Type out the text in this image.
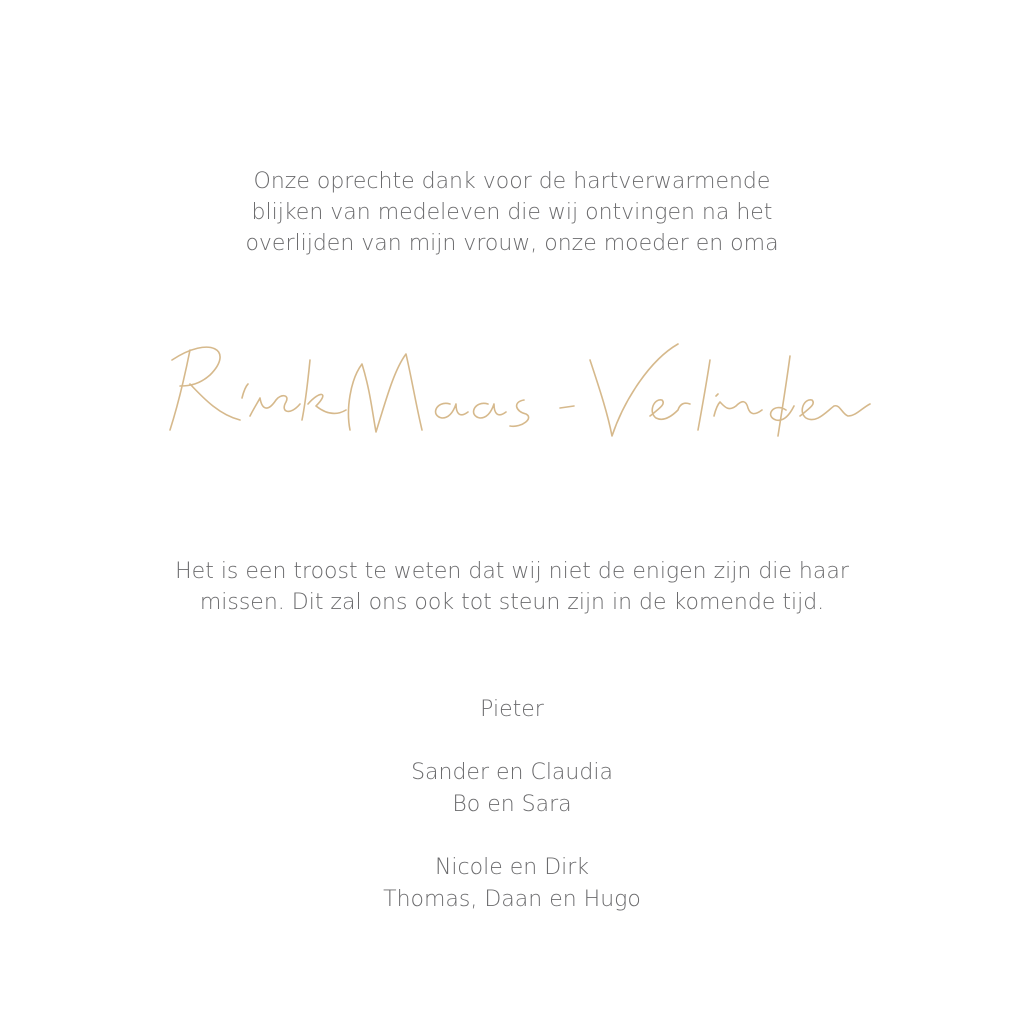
Onze oprechte dank voor de hartverwarmende
blijken van medeleven die wij ontvingen na het
overlijden van mijn vrouw, onze moeder en oma
Riek Maas - Verlinden
Het is een troost te weten dat wij niet de enigen zijn die haar
missen. Dit zal ons ook tot steun zijn in de komende tijd.
Pieter
Sander en Claudia
Bo en Sara
Nicole en Dirk
Thomas, Daan en Hugo
